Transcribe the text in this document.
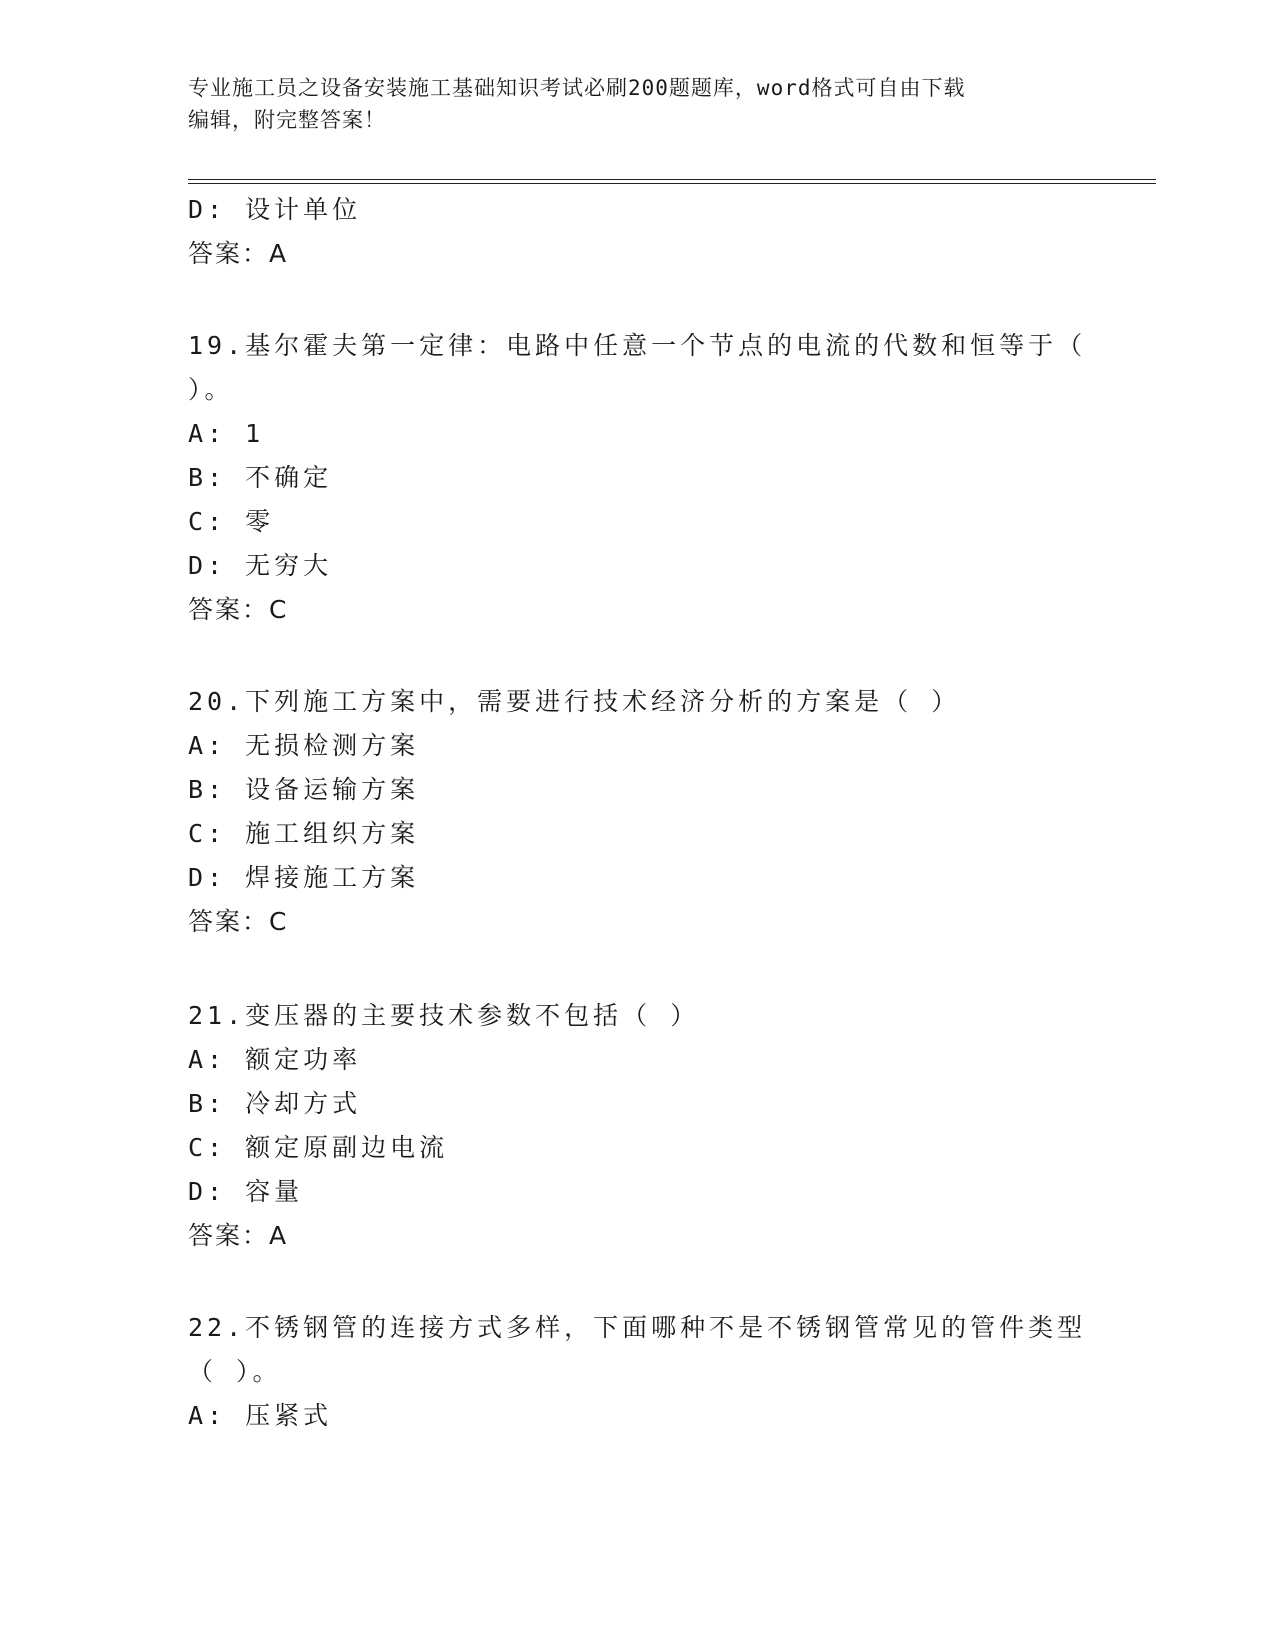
专业施工员之设备安装施工基础知识考试必刷200题题库，word格式可自由下载
编辑，附完整答案！
D: 设计单位
答案：A
19.基尔霍夫第一定律：电路中任意一个节点的电流的代数和恒等于（
）。
A: 1
B: 不确定
C: 零
D: 无穷大
答案：C
20.下列施工方案中，需要进行技术经济分析的方案是（ ）
A: 无损检测方案
B: 设备运输方案
C: 施工组织方案
D: 焊接施工方案
答案：C
21.变压器的主要技术参数不包括（ ）
A: 额定功率
B: 冷却方式
C: 额定原副边电流
D: 容量
答案：A
22.不锈钢管的连接方式多样，下面哪种不是不锈钢管常见的管件类型
（ ）。
A: 压紧式
